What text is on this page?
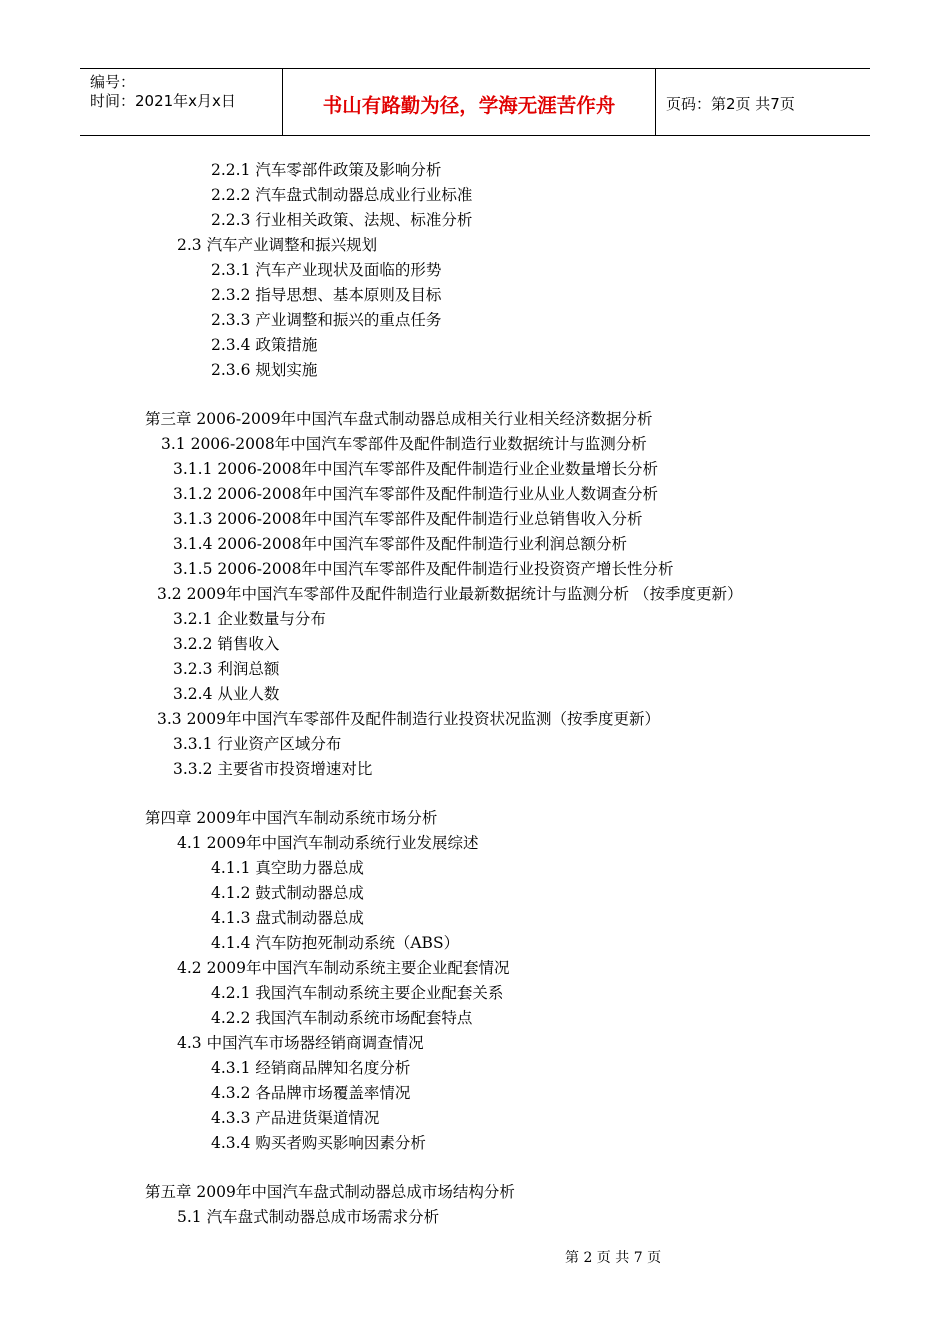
编号：
时间：2021年x月x日	书山有路勤为径，学海无涯苦作舟	页码：第2页 共7页
2.2.1 汽车零部件政策及影响分析
2.2.2 汽车盘式制动器总成业行业标准
2.2.3 行业相关政策、法规、标准分析
2.3 汽车产业调整和振兴规划
2.3.1 汽车产业现状及面临的形势
2.3.2 指导思想、基本原则及目标
2.3.3 产业调整和振兴的重点任务
2.3.4 政策措施
2.3.6 规划实施
第三章 2006-2009年中国汽车盘式制动器总成相关行业相关经济数据分析
3.1 2006-2008年中国汽车零部件及配件制造行业数据统计与监测分析
3.1.1 2006-2008年中国汽车零部件及配件制造行业企业数量增长分析
3.1.2 2006-2008年中国汽车零部件及配件制造行业从业人数调查分析
3.1.3 2006-2008年中国汽车零部件及配件制造行业总销售收入分析
3.1.4 2006-2008年中国汽车零部件及配件制造行业利润总额分析
3.1.5 2006-2008年中国汽车零部件及配件制造行业投资资产增长性分析
3.2 2009年中国汽车零部件及配件制造行业最新数据统计与监测分析 （按季度更新）
3.2.1 企业数量与分布
3.2.2 销售收入
3.2.3 利润总额
3.2.4 从业人数
3.3 2009年中国汽车零部件及配件制造行业投资状况监测（按季度更新）
3.3.1 行业资产区域分布
3.3.2 主要省市投资增速对比
第四章 2009年中国汽车制动系统市场分析
4.1 2009年中国汽车制动系统行业发展综述
4.1.1 真空助力器总成
4.1.2 鼓式制动器总成
4.1.3 盘式制动器总成
4.1.4 汽车防抱死制动系统（ABS）
4.2 2009年中国汽车制动系统主要企业配套情况
4.2.1 我国汽车制动系统主要企业配套关系
4.2.2 我国汽车制动系统市场配套特点
4.3 中国汽车市场器经销商调查情况
4.3.1 经销商品牌知名度分析
4.3.2 各品牌市场覆盖率情况
4.3.3 产品进货渠道情况
4.3.4 购买者购买影响因素分析
第五章 2009年中国汽车盘式制动器总成市场结构分析
5.1 汽车盘式制动器总成市场需求分析
第 2 页 共 7 页
